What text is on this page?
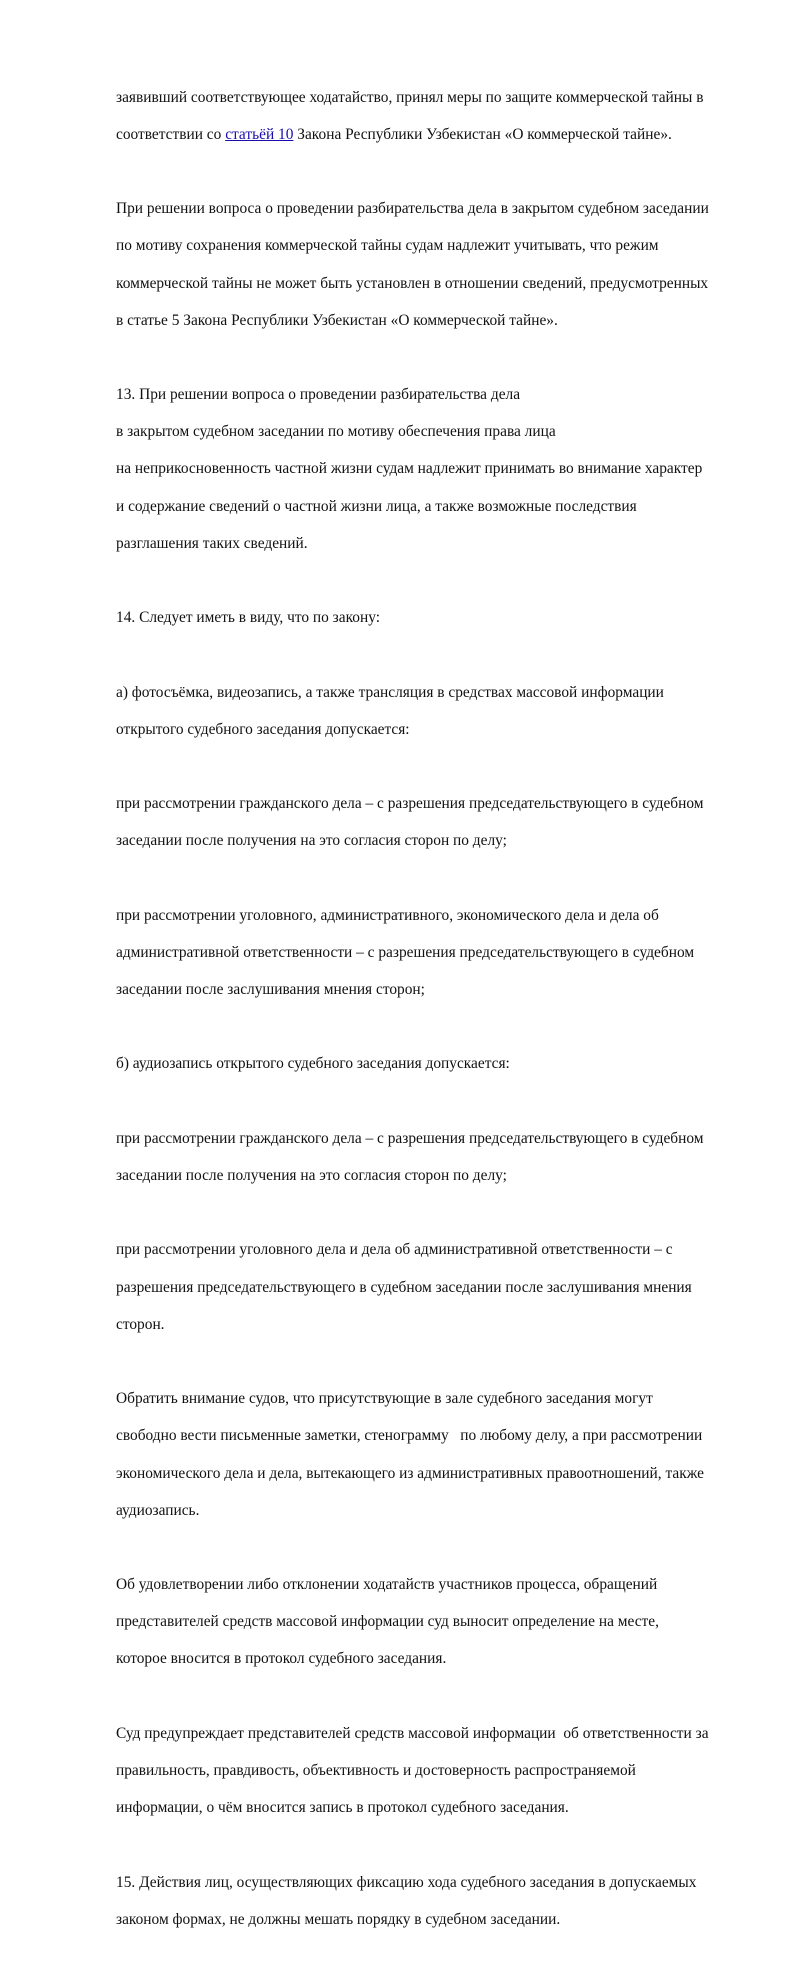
заявивший соответствующее ходатайство, принял меры по защите коммерческой тайны в

соответствии со статьёй 10 Закона Республики Узбекистан «О коммерческой тайне».

При решении вопроса о проведении разбирательства дела в закрытом судебном заседании

по мотиву сохранения коммерческой тайны судам надлежит учитывать, что режим

коммерческой тайны не может быть установлен в отношении сведений, предусмотренных

в статье 5 Закона Республики Узбекистан «О коммерческой тайне».

13. При решении вопроса о проведении разбирательства дела

в закрытом судебном заседании по мотиву обеспечения права лица

на неприкосновенность частной жизни судам надлежит принимать во внимание характер

и содержание сведений о частной жизни лица, а также возможные последствия

разглашения таких сведений.

14. Следует иметь в виду, что по закону:

а) фотосъёмка, видеозапись, а также трансляция в средствах массовой информации

открытого судебного заседания допускается:

при рассмотрении гражданского дела – с разрешения председательствующего в судебном

заседании после получения на это согласия сторон по делу;

при рассмотрении уголовного, административного, экономического дела и дела об

административной ответственности – с разрешения председательствующего в судебном

заседании после заслушивания мнения сторон;

б) аудиозапись открытого судебного заседания допускается:

при рассмотрении гражданского дела – с разрешения председательствующего в судебном

заседании после получения на это согласия сторон по делу;

при рассмотрении уголовного дела и дела об административной ответственности – с

разрешения председательствующего в судебном заседании после заслушивания мнения

сторон.

Обратить внимание судов, что присутствующие в зале судебного заседания могут

свободно вести письменные заметки, стенограмму   по любому делу, а при рассмотрении

экономического дела и дела, вытекающего из административных правоотношений, также

аудиозапись.

Об удовлетворении либо отклонении ходатайств участников процесса, обращений

представителей средств массовой информации суд выносит определение на месте,

которое вносится в протокол судебного заседания.

Суд предупреждает представителей средств массовой информации  об ответственности за

правильность, правдивость, объективность и достоверность распространяемой

информации, о чём вносится запись в протокол судебного заседания.

15. Действия лиц, осуществляющих фиксацию хода судебного заседания в допускаемых

законом формах, не должны мешать порядку в судебном заседании.
